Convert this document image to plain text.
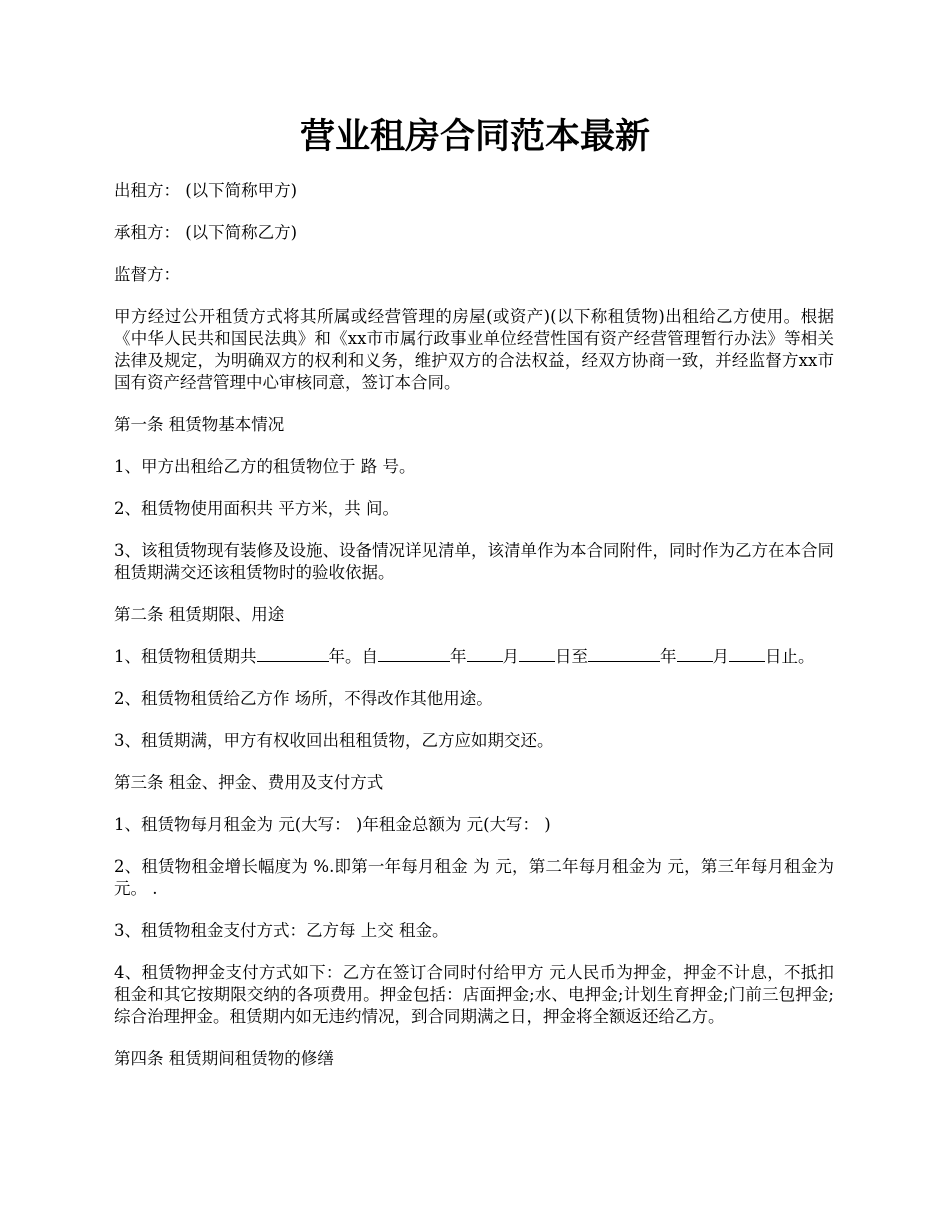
营业租房合同范本最新

出租方： (以下简称甲方)

承租方： (以下简称乙方)

监督方：

甲方经过公开租赁方式将其所属或经营管理的房屋(或资产)(以下称租赁物)出租给乙方使用。根据《中华人民共和国民法典》和《xx市市属行政事业单位经营性国有资产经营管理暂行办法》等相关法律及规定，为明确双方的权利和义务，维护双方的合法权益，经双方协商一致，并经监督方xx市国有资产经营管理中心审核同意，签订本合同。

第一条 租赁物基本情况

1、甲方出租给乙方的租赁物位于 路 号。

2、租赁物使用面积共 平方米，共 间。

3、该租赁物现有装修及设施、设备情况详见清单，该清单作为本合同附件，同时作为乙方在本合同租赁期满交还该租赁物时的验收依据。

第二条 租赁期限、用途

1、租赁物租赁期共	年。自	年 月 日至	年 月 日止。

2、租赁物租赁给乙方作 场所，不得改作其他用途。

3、租赁期满，甲方有权收回出租租赁物，乙方应如期交还。

第三条 租金、押金、费用及支付方式

1、租赁物每月租金为 元(大写： )年租金总额为 元(大写： )

2、租赁物租金增长幅度为 %.即第一年每月租金 为 元，第二年每月租金为 元，第三年每月租金为 元。 .

3、租赁物租金支付方式：乙方每 上交 租金。

4、租赁物押金支付方式如下：乙方在签订合同时付给甲方 元人民币为押金，押金不计息，不抵扣租金和其它按期限交纳的各项费用。押金包括：店面押金;水、电押金;计划生育押金;门前三包押金;综合治理押金。租赁期内如无违约情况，到合同期满之日，押金将全额返还给乙方。

第四条 租赁期间租赁物的修缮
